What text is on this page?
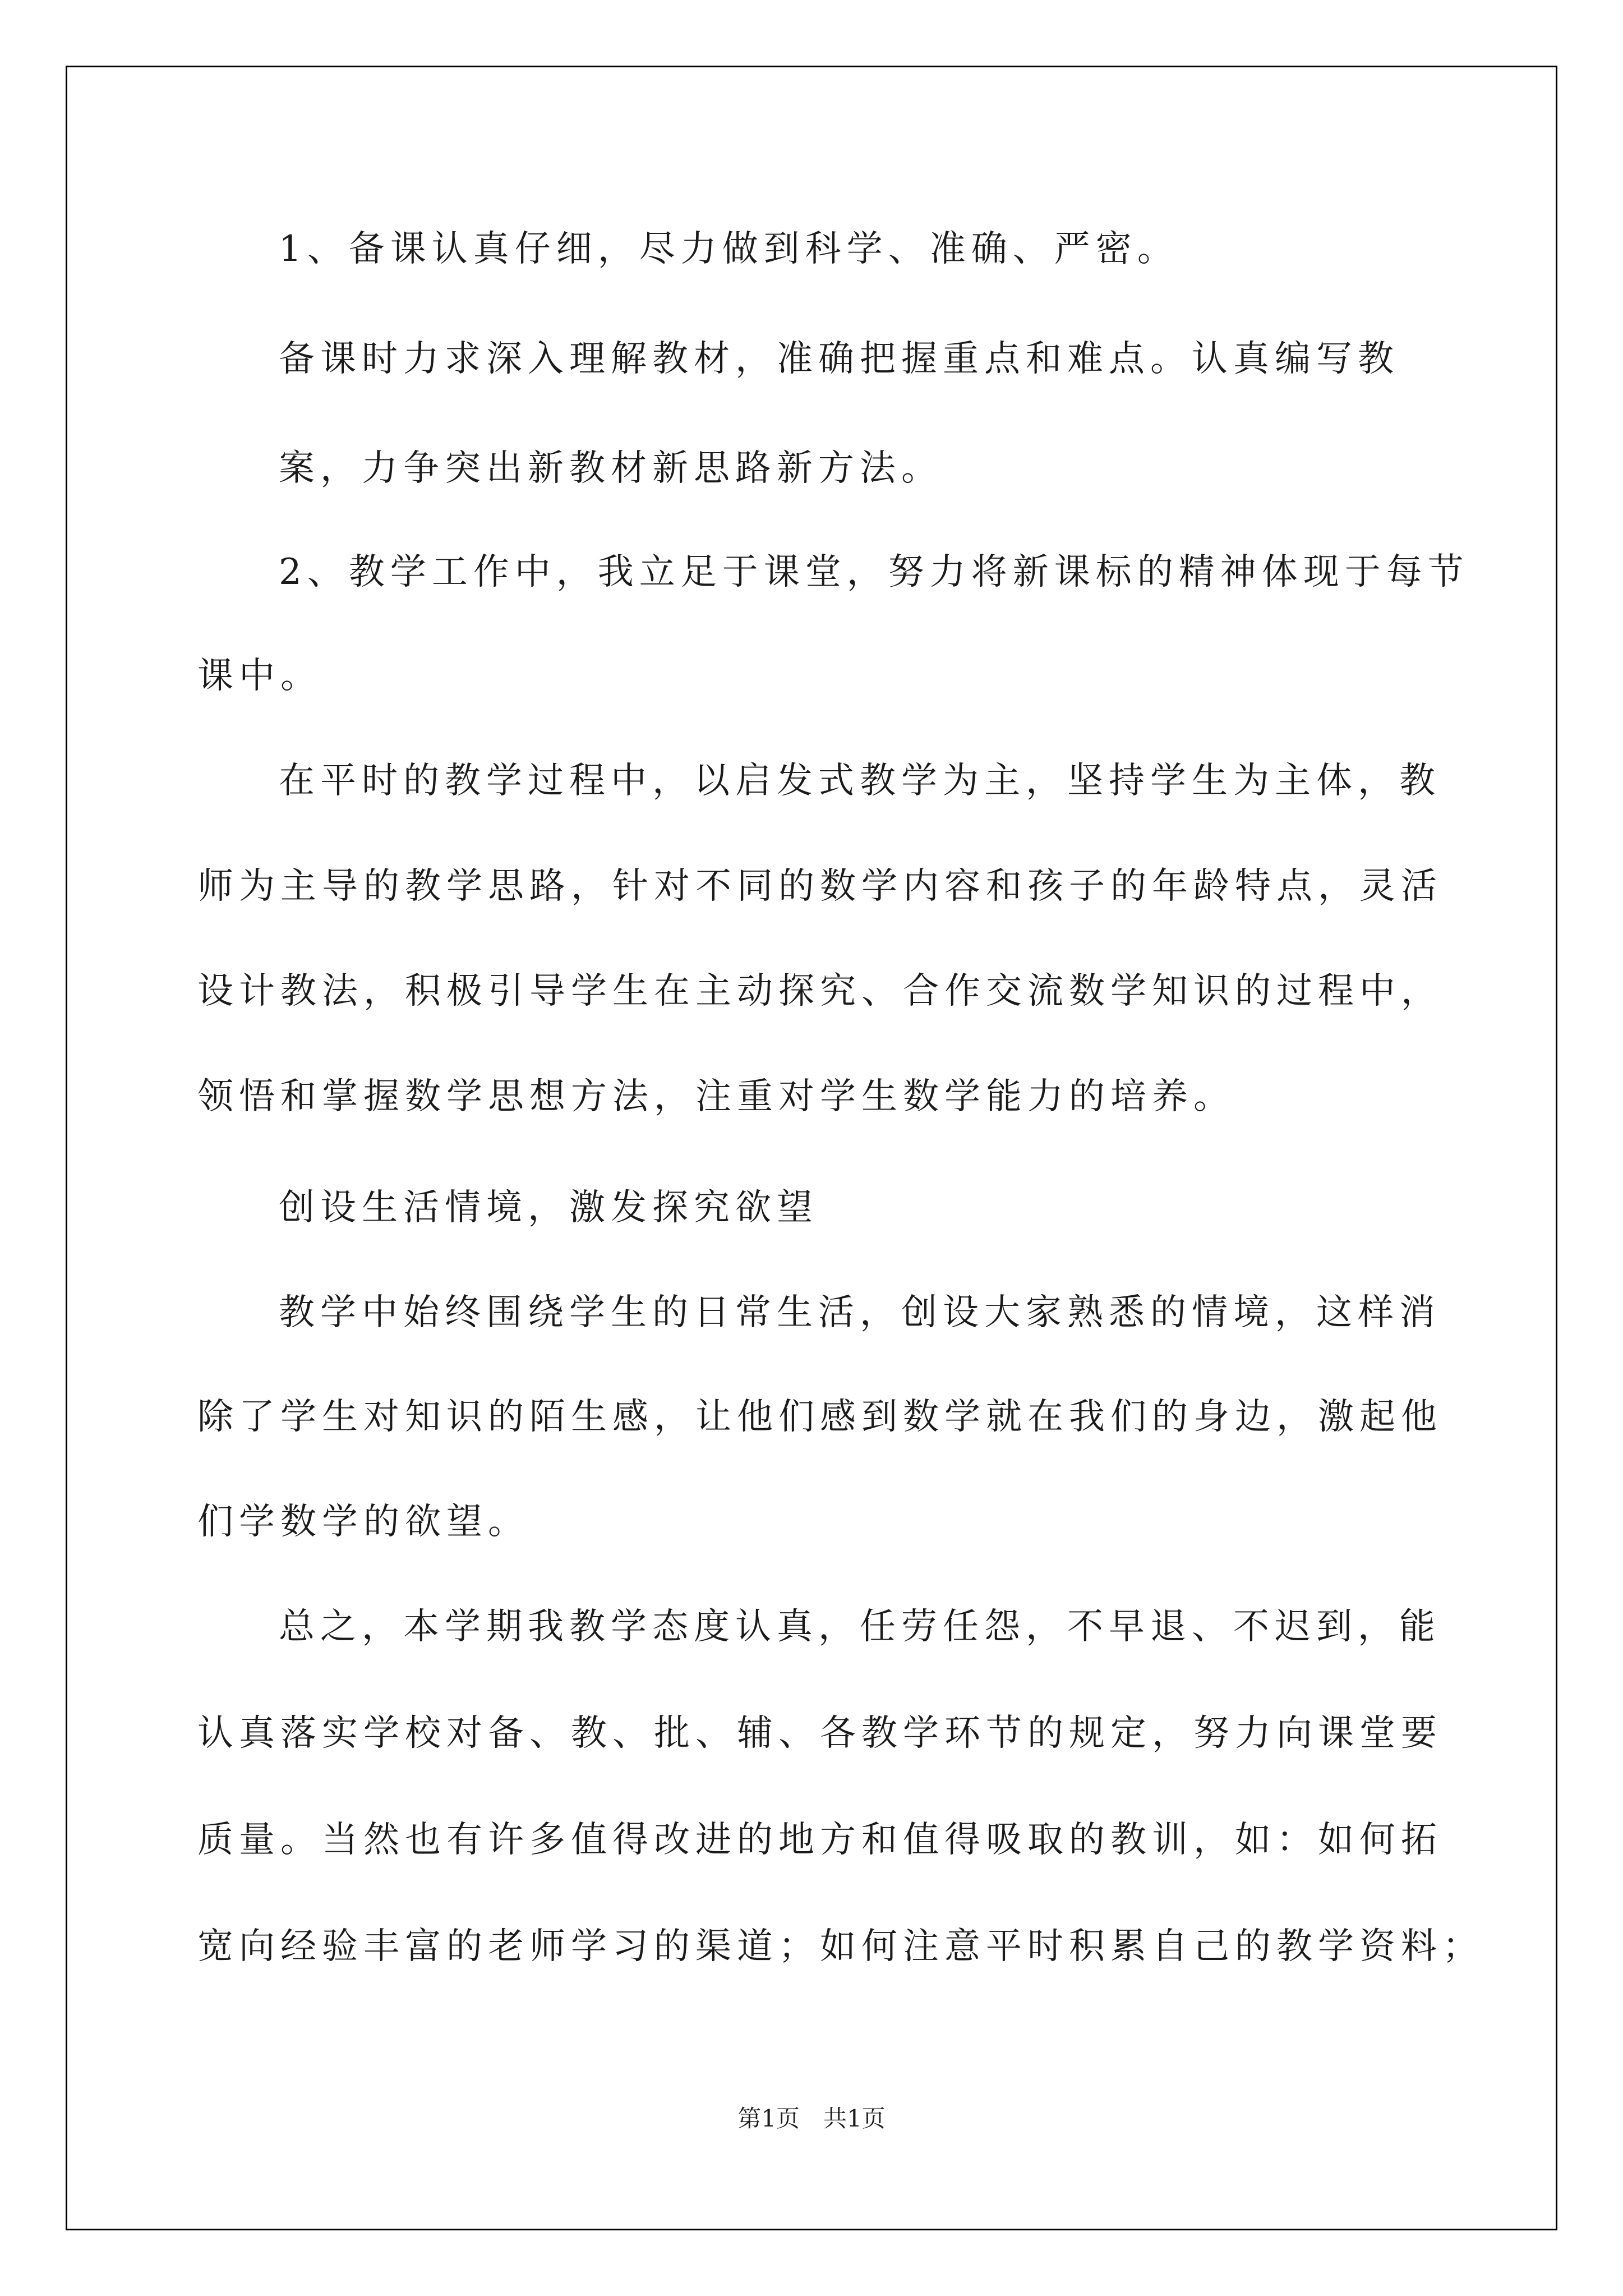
1、备课认真仔细，尽力做到科学、准确、严密。
备课时力求深入理解教材，准确把握重点和难点。认真编写教
案，力争突出新教材新思路新方法。
2、教学工作中，我立足于课堂，努力将新课标的精神体现于每节
课中。
在平时的教学过程中，以启发式教学为主，坚持学生为主体，教
师为主导的教学思路，针对不同的数学内容和孩子的年龄特点，灵活
设计教法，积极引导学生在主动探究、合作交流数学知识的过程中，
领悟和掌握数学思想方法，注重对学生数学能力的培养。
创设生活情境，激发探究欲望
教学中始终围绕学生的日常生活，创设大家熟悉的情境，这样消
除了学生对知识的陌生感，让他们感到数学就在我们的身边，激起他
们学数学的欲望。
总之，本学期我教学态度认真，任劳任怨，不早退、不迟到，能
认真落实学校对备、教、批、辅、各教学环节的规定，努力向课堂要
质量。当然也有许多值得改进的地方和值得吸取的教训，如：如何拓
宽向经验丰富的老师学习的渠道；如何注意平时积累自己的教学资料；
第1页　共1页
